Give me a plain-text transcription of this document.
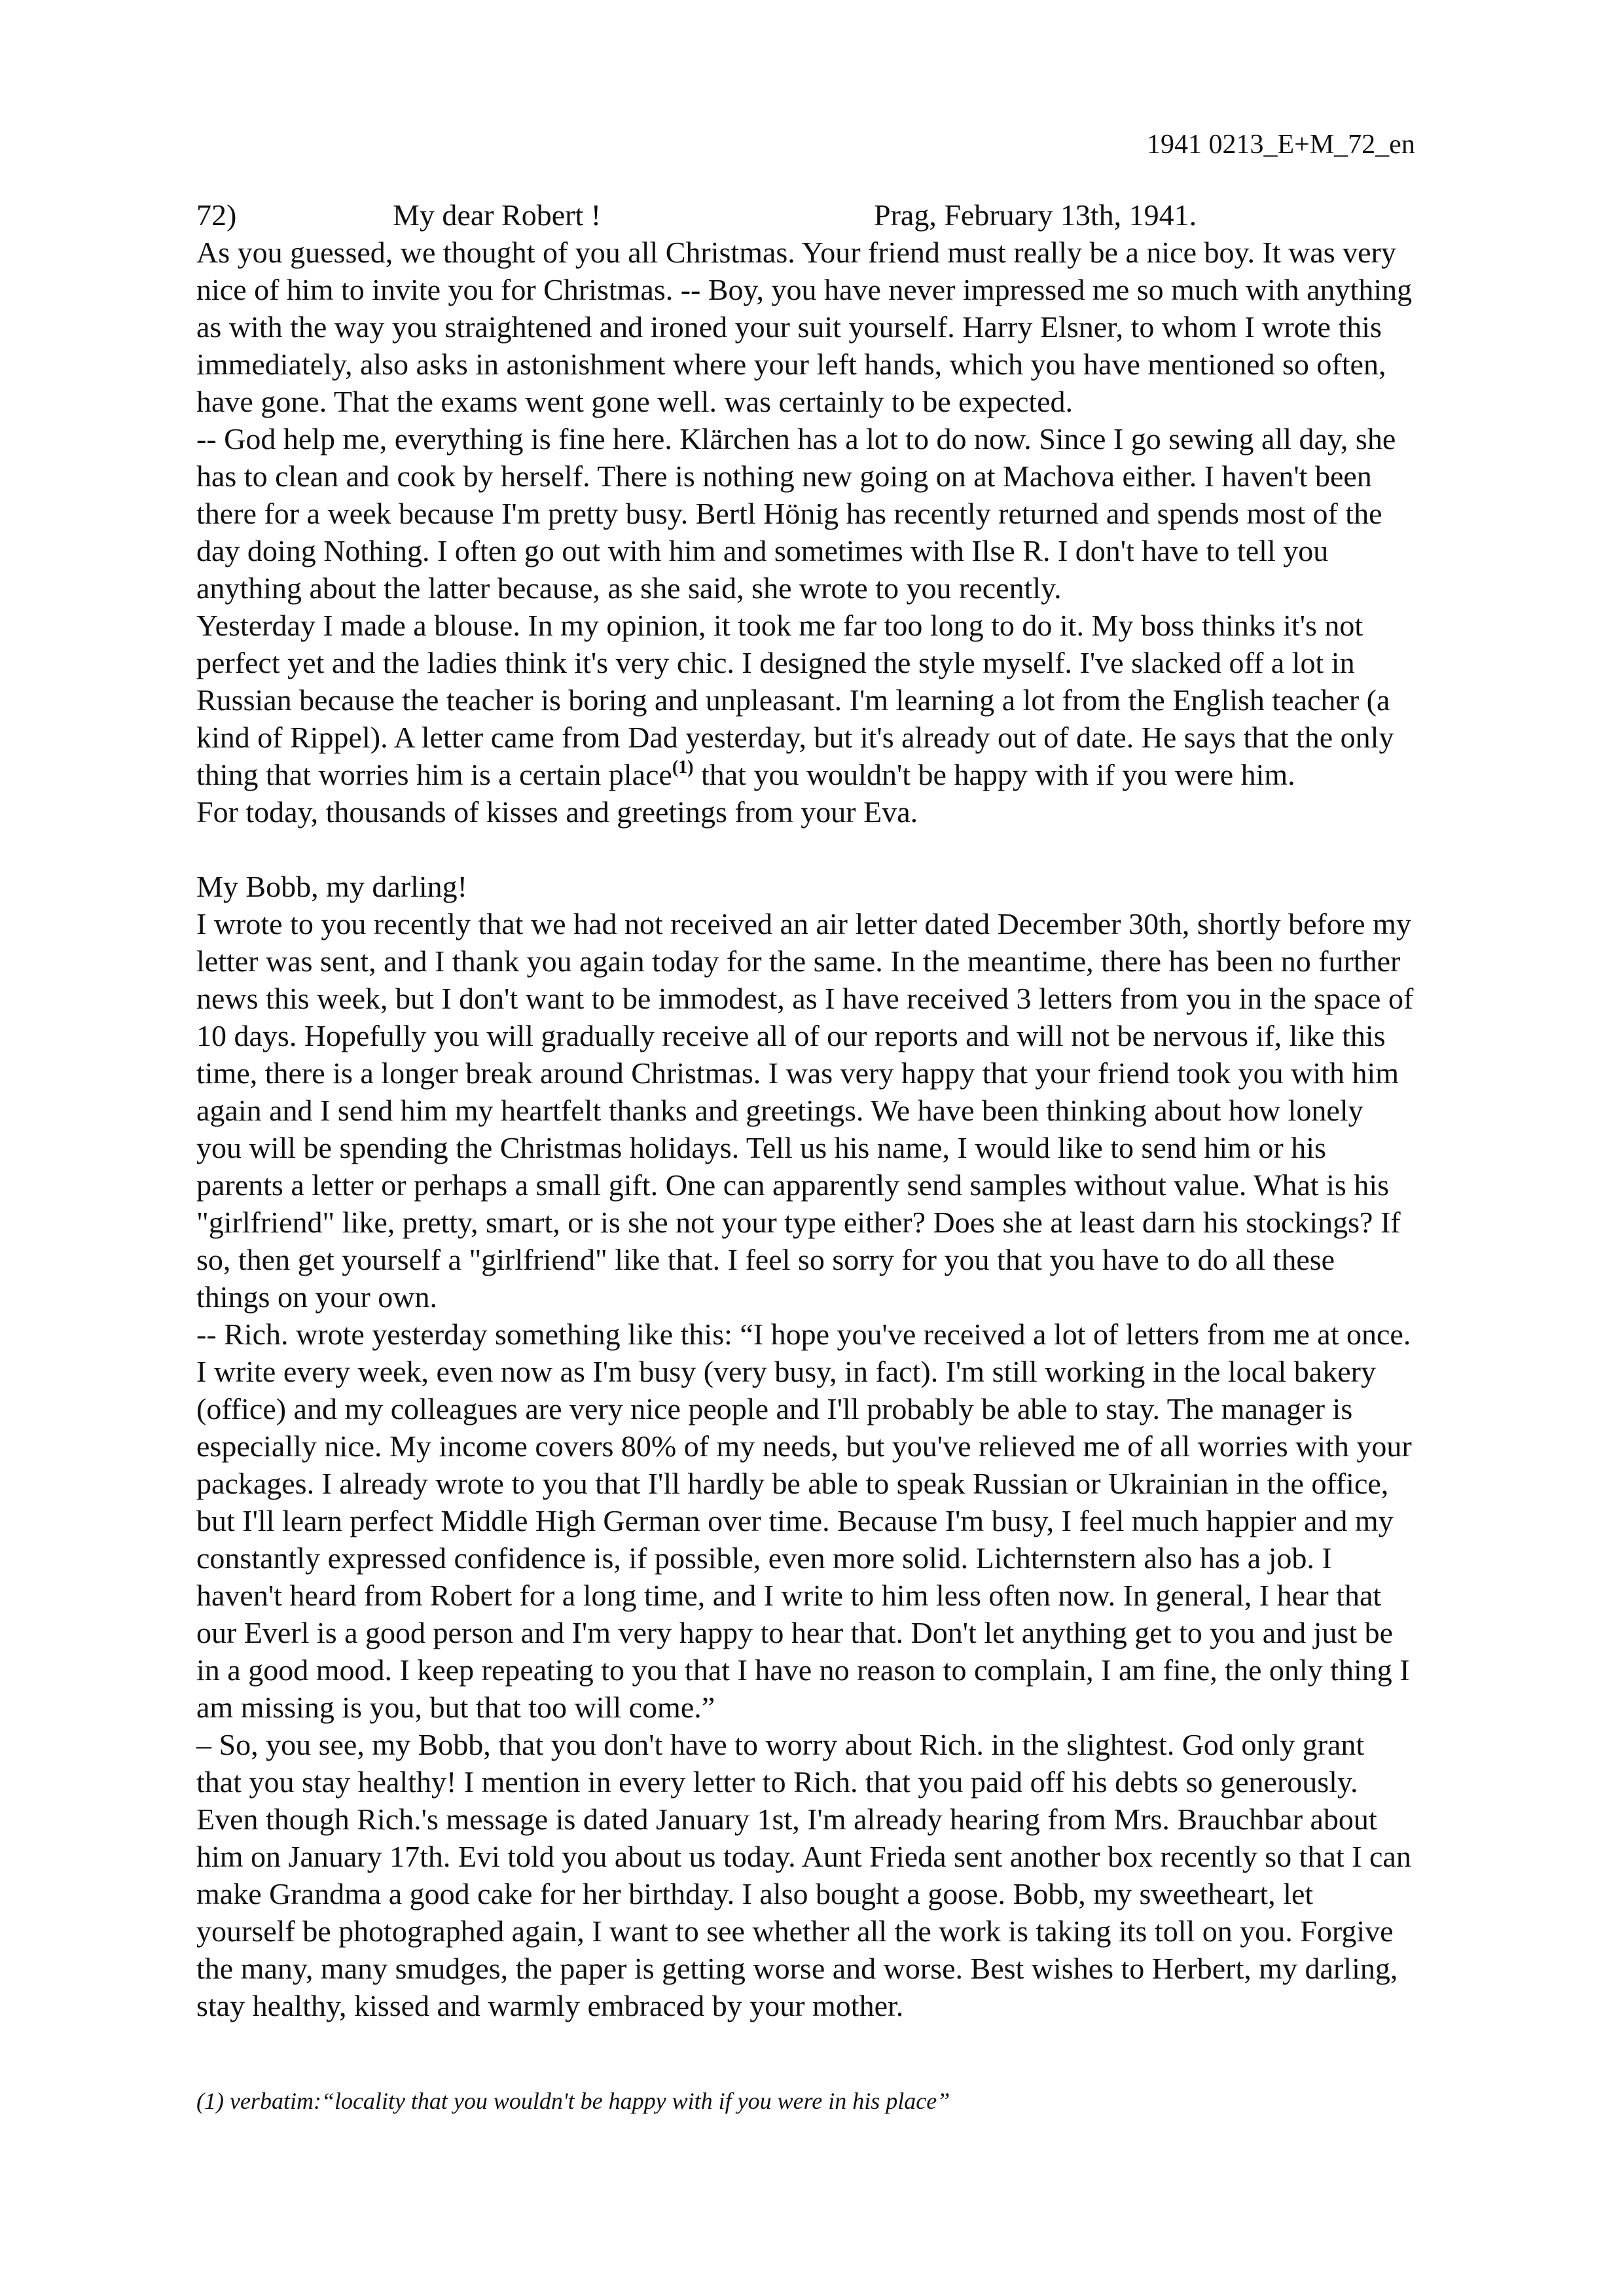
1941 0213_E+M_72_en
72)	My dear Robert !	Prag, February 13th, 1941.

As you guessed, we thought of you all Christmas. Your friend must really be a nice boy. It was very
nice of him to invite you for Christmas. -- Boy, you have never impressed me so much with anything
as with the way you straightened and ironed your suit yourself. Harry Elsner, to whom I wrote this
immediately, also asks in astonishment where your left hands, which you have mentioned so often,
have gone. That the exams went gone well. was certainly to be expected.

-- God help me, everything is fine here. Klärchen has a lot to do now. Since I go sewing all day, she
has to clean and cook by herself. There is nothing new going on at Machova either. I haven't been
there for a week because I'm pretty busy. Bertl Hönig has recently returned and spends most of the
day doing Nothing. I often go out with him and sometimes with Ilse R. I don't have to tell you
anything about the latter because, as she said, she wrote to you recently.

Yesterday I made a blouse. In my opinion, it took me far too long to do it. My boss thinks it's not
perfect yet and the ladies think it's very chic. I designed the style myself. I've slacked off a lot in
Russian because the teacher is boring and unpleasant. I'm learning a lot from the English teacher (a
kind of Rippel). A letter came from Dad yesterday, but it's already out of date. He says that the only
thing that worries him is a certain place$^{(1)}$ that you wouldn't be happy with if you were him.

For today, thousands of kisses and greetings from your Eva.

My Bobb, my darling!

I wrote to you recently that we had not received an air letter dated December 30th, shortly before my
letter was sent, and I thank you again today for the same. In the meantime, there has been no further
news this week, but I don't want to be immodest, as I have received 3 letters from you in the space of
10 days. Hopefully you will gradually receive all of our reports and will not be nervous if, like this
time, there is a longer break around Christmas. I was very happy that your friend took you with him
again and I send him my heartfelt thanks and greetings. We have been thinking about how lonely
you will be spending the Christmas holidays. Tell us his name, I would like to send him or his
parents a letter or perhaps a small gift. One can apparently send samples without value. What is his
"girlfriend" like, pretty, smart, or is she not your type either? Does she at least darn his stockings? If
so, then get yourself a "girlfriend" like that. I feel so sorry for you that you have to do all these
things on your own.

-- Rich. wrote yesterday something like this: “I hope you've received a lot of letters from me at once.
I write every week, even now as I'm busy (very busy, in fact). I'm still working in the local bakery
(office) and my colleagues are very nice people and I'll probably be able to stay. The manager is
especially nice. My income covers 80% of my needs, but you've relieved me of all worries with your
packages. I already wrote to you that I'll hardly be able to speak Russian or Ukrainian in the office,
but I'll learn perfect Middle High German over time. Because I'm busy, I feel much happier and my
constantly expressed confidence is, if possible, even more solid. Lichternstern also has a job. I
haven't heard from Robert for a long time, and I write to him less often now. In general, I hear that
our Everl is a good person and I'm very happy to hear that. Don't let anything get to you and just be
in a good mood. I keep repeating to you that I have no reason to complain, I am fine, the only thing I
am missing is you, but that too will come.”

– So, you see, my Bobb, that you don't have to worry about Rich. in the slightest. God only grant
that you stay healthy! I mention in every letter to Rich. that you paid off his debts so generously.
Even though Rich.'s message is dated January 1st, I'm already hearing from Mrs. Brauchbar about
him on January 17th. Evi told you about us today. Aunt Frieda sent another box recently so that I can
make Grandma a good cake for her birthday. I also bought a goose. Bobb, my sweetheart, let
yourself be photographed again, I want to see whether all the work is taking its toll on you. Forgive
the many, many smudges, the paper is getting worse and worse. Best wishes to Herbert, my darling,
stay healthy, kissed and warmly embraced by your mother.

(1) verbatim:“locality that you wouldn't be happy with if you were in his place”
